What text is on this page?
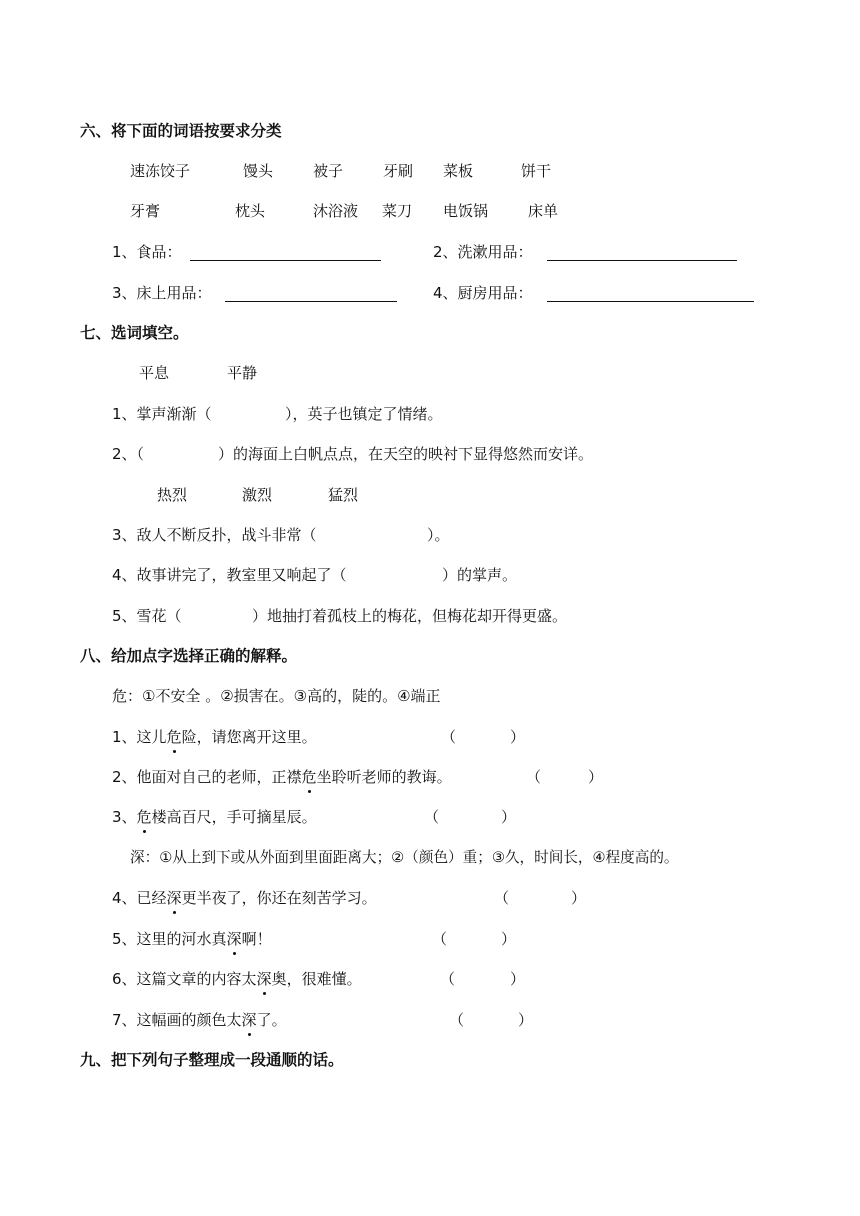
六、将下面的词语按要求分类
速冻饺子	馒头	被子	牙刷 菜板	饼干
牙膏	枕头	沐浴液 菜刀 电饭锅	床单
1、食品：	2、洗漱用品：
3、床上用品：	4、厨房用品：
七、选词填空。
平息	平静
1、掌声渐渐（	），英子也镇定了情绪。
2、（	）的海面上白帆点点，在天空的映衬下显得悠然而安详。
热烈	激烈	猛烈
3、敌人不断反扑，战斗非常（	）。
4、故事讲完了，教室里又响起了（	）的掌声。
5、雪花（	）地抽打着孤枝上的梅花，但梅花却开得更盛。
八、给加点字选择正确的解释。
危：①不安全 。②损害在。③高的，陡的。④端正
1、这儿危险，请您离开这里。	（	）
2、他面对自己的老师，正襟危坐聆听老师的教诲。	（	）
3、危楼高百尺，手可摘星辰。	（	）
深：①从上到下或从外面到里面距离大；②（颜色）重；③久，时间长，④程度高的。
4、已经深更半夜了，你还在刻苦学习。	（	）
5、这里的河水真深啊！	（	）
6、这篇文章的内容太深奥，很难懂。	（	）
7、这幅画的颜色太深了。	（	）
九、把下列句子整理成一段通顺的话。
